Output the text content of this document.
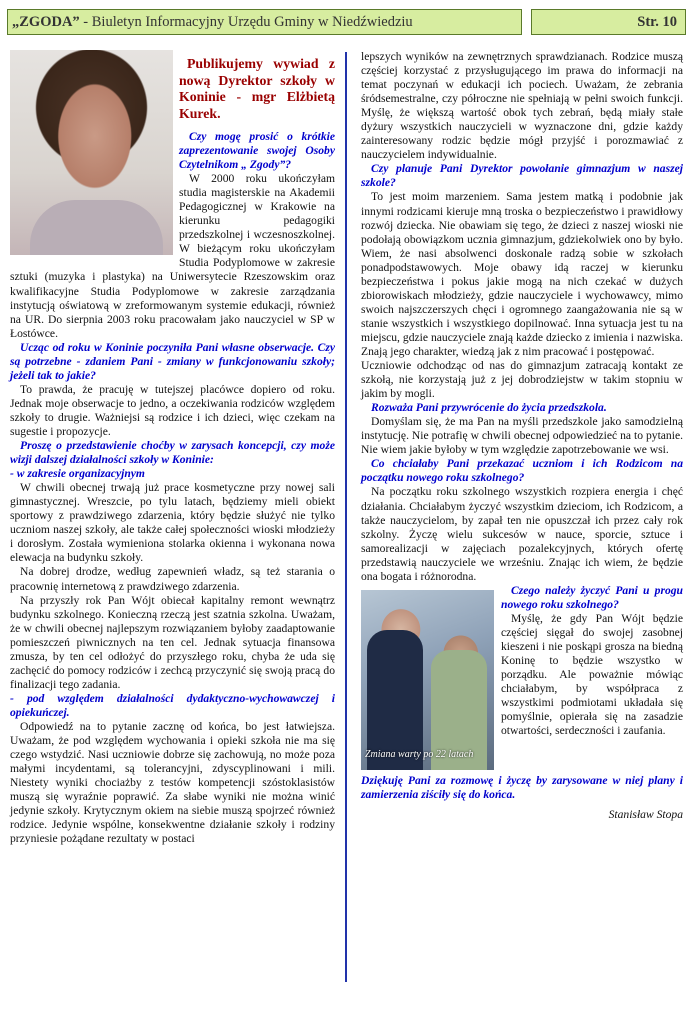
„ZGODA” - Biuletyn Informacyjny Urzędu Gminy w Niedźwiedziu	Str. 10

Publikujemy wywiad z nową Dyrektor szkoły w Koninie - mgr Elżbietą Kurek.

Czy mogę prosić o krótkie zaprezentowanie swojej Osoby Czytelnikom „ Zgody”?

W 2000 roku ukończyłam studia magisterskie na Akademii Pedagogicznej w Krakowie na kierunku pedagogiki przedszkolnej i wczesnoszkolnej. W bieżącym roku ukończyłam Studia Podyplomowe w zakresie sztuki (muzyka i plastyka) na Uniwersytecie Rzeszowskim oraz kwalifikacyjne Studia Podyplomowe w zakresie zarządzania instytucją oświatową w zreformowanym systemie edukacji, również na UR. Do sierpnia 2003 roku pracowałam jako nauczyciel w SP w Łostówce.

Ucząc od roku w Koninie poczyniła Pani własne obserwacje. Czy są potrzebne - zdaniem Pani - zmiany w funkcjonowaniu szkoły; jeżeli tak to jakie?

To prawda, że pracuję w tutejszej placówce dopiero od roku. Jednak moje obserwacje to jedno, a oczekiwania rodziców względem szkoły to drugie. Ważniejsi są rodzice i ich dzieci, więc czekam na sugestie i propozycje.

Proszę o przedstawienie choćby w zarysach koncepcji, czy może wizji dalszej działalności szkoły w Koninie:

- w zakresie organizacyjnym

W chwili obecnej trwają już prace kosmetyczne przy nowej sali gimnastycznej. Wreszcie, po tylu latach, będziemy mieli obiekt sportowy z prawdziwego zdarzenia, który będzie służyć nie tylko uczniom naszej szkoły, ale także całej społeczności wioski młodzieży i dorosłym. Została wymieniona stolarka okienna i wykonana nowa elewacja na budynku szkoły.

Na dobrej drodze, według zapewnień władz, są też starania o pracownię internetową z prawdziwego zdarzenia.

Na przyszły rok Pan Wójt obiecał kapitalny remont wewnątrz budynku szkolnego. Konieczną rzeczą jest szatnia szkolna. Uważam, że w chwili obecnej najlepszym rozwiązaniem byłoby zaadaptowanie pomieszczeń piwnicznych na ten cel. Jednak sytuacja finansowa zmusza, by ten cel odłożyć do przyszłego roku, chyba że uda się zachęcić do pomocy rodziców i zechcą przyczynić się swoją pracą do finalizacji tego zadania.

- pod względem działalności dydaktyczno-wychowawczej i opiekuńczej.

Odpowiedź na to pytanie zacznę od końca, bo jest łatwiejsza. Uważam, że pod względem wychowania i opieki szkoła nie ma się czego wstydzić. Nasi uczniowie dobrze się zachowują, no może poza małymi incydentami, są tolerancyjni, zdyscyplinowani i mili. Niestety wyniki chociażby z testów kompetencji szóstoklasistów muszą się wyraźnie poprawić. Za słabe wyniki nie można winić jedynie szkoły. Krytycznym okiem na siebie muszą spojrzeć również rodzice. Jedynie wspólne, konsekwentne działanie szkoły i rodziny przyniesie pożądane rezultaty w postaci

lepszych wyników na zewnętrznych sprawdzianach. Rodzice muszą częściej korzystać z przysługującego im prawa do informacji na temat poczynań w edukacji ich pociech. Uważam, że zebrania śródsemestralne, czy półroczne nie spełniają w pełni swoich funkcji. Myślę, że większą wartość obok tych zebrań, będą miały stałe dyżury wszystkich nauczycieli w wyznaczone dni, gdzie każdy zainteresowany rodzic będzie mógł przyjść i porozmawiać z nauczycielem indywidualnie.

Czy planuje Pani Dyrektor powołanie gimnazjum w naszej szkole?

To jest moim marzeniem. Sama jestem matką i podobnie jak innymi rodzicami kieruje mną troska o bezpieczeństwo i prawidłowy rozwój dziecka. Nie obawiam się tego, że dzieci z naszej wioski nie podołają obowiązkom ucznia gimnazjum, gdziekolwiek ono by było. Wiem, że nasi absolwenci doskonale radzą sobie w szkołach ponadpodstawowych. Moje obawy idą raczej w kierunku bezpieczeństwa i pokus jakie mogą na nich czekać w dużych zbiorowiskach młodzieży, gdzie nauczyciele i wychowawcy, mimo swoich najszczerszych chęci i ogromnego zaangażowania nie są w stanie wszystkich i wszystkiego dopilnować. Inna sytuacja jest tu na miejscu, gdzie nauczyciele znają każde dziecko z imienia i nazwiska. Znają jego charakter, wiedzą jak z nim pracować i postępować.

Uczniowie odchodząc od nas do gimnazjum zatracają kontakt ze szkołą, nie korzystają już z jej dobrodziejstw w takim stopniu w jakim by mogli.

Rozważa Pani przywrócenie do życia przedszkola.

Domyślam się, że ma Pan na myśli przedszkole jako samodzielną instytucję. Nie potrafię w chwili obecnej odpowiedzieć na to pytanie. Nie wiem jakie byłoby w tym względzie zapotrzebowanie we wsi.

Co chciałaby Pani przekazać uczniom i ich Rodzicom na początku nowego roku szkolnego?

Na początku roku szkolnego wszystkich rozpiera energia i chęć działania. Chciałabym życzyć wszystkim dzieciom, ich Rodzicom, a także nauczycielom, by zapał ten nie opuszczał ich przez cały rok szkolny. Życzę wielu sukcesów w nauce, sporcie, sztuce i samorealizacji w zajęciach pozalekcyjnych, których ofertę przedstawią nauczyciele we wrześniu. Znając ich wiem, że będzie ona bogata i różnorodna.

Zmiana warty po 22 latach

Czego należy życzyć Pani u progu nowego roku szkolnego?

Myślę, że gdy Pan Wójt będzie częściej sięgał do swojej zasobnej kieszeni i nie poskąpi grosza na biedną Koninę to będzie wszystko w porządku. Ale poważnie mówiąc chciałabym, by współpraca z wszystkimi podmiotami układała się pomyślnie, opierała się na zasadzie otwartości, serdeczności i zaufania.

Dziękuję Pani za rozmowę i życzę by zarysowane w niej plany i zamierzenia ziściły się do końca.

Stanisław Stopa
